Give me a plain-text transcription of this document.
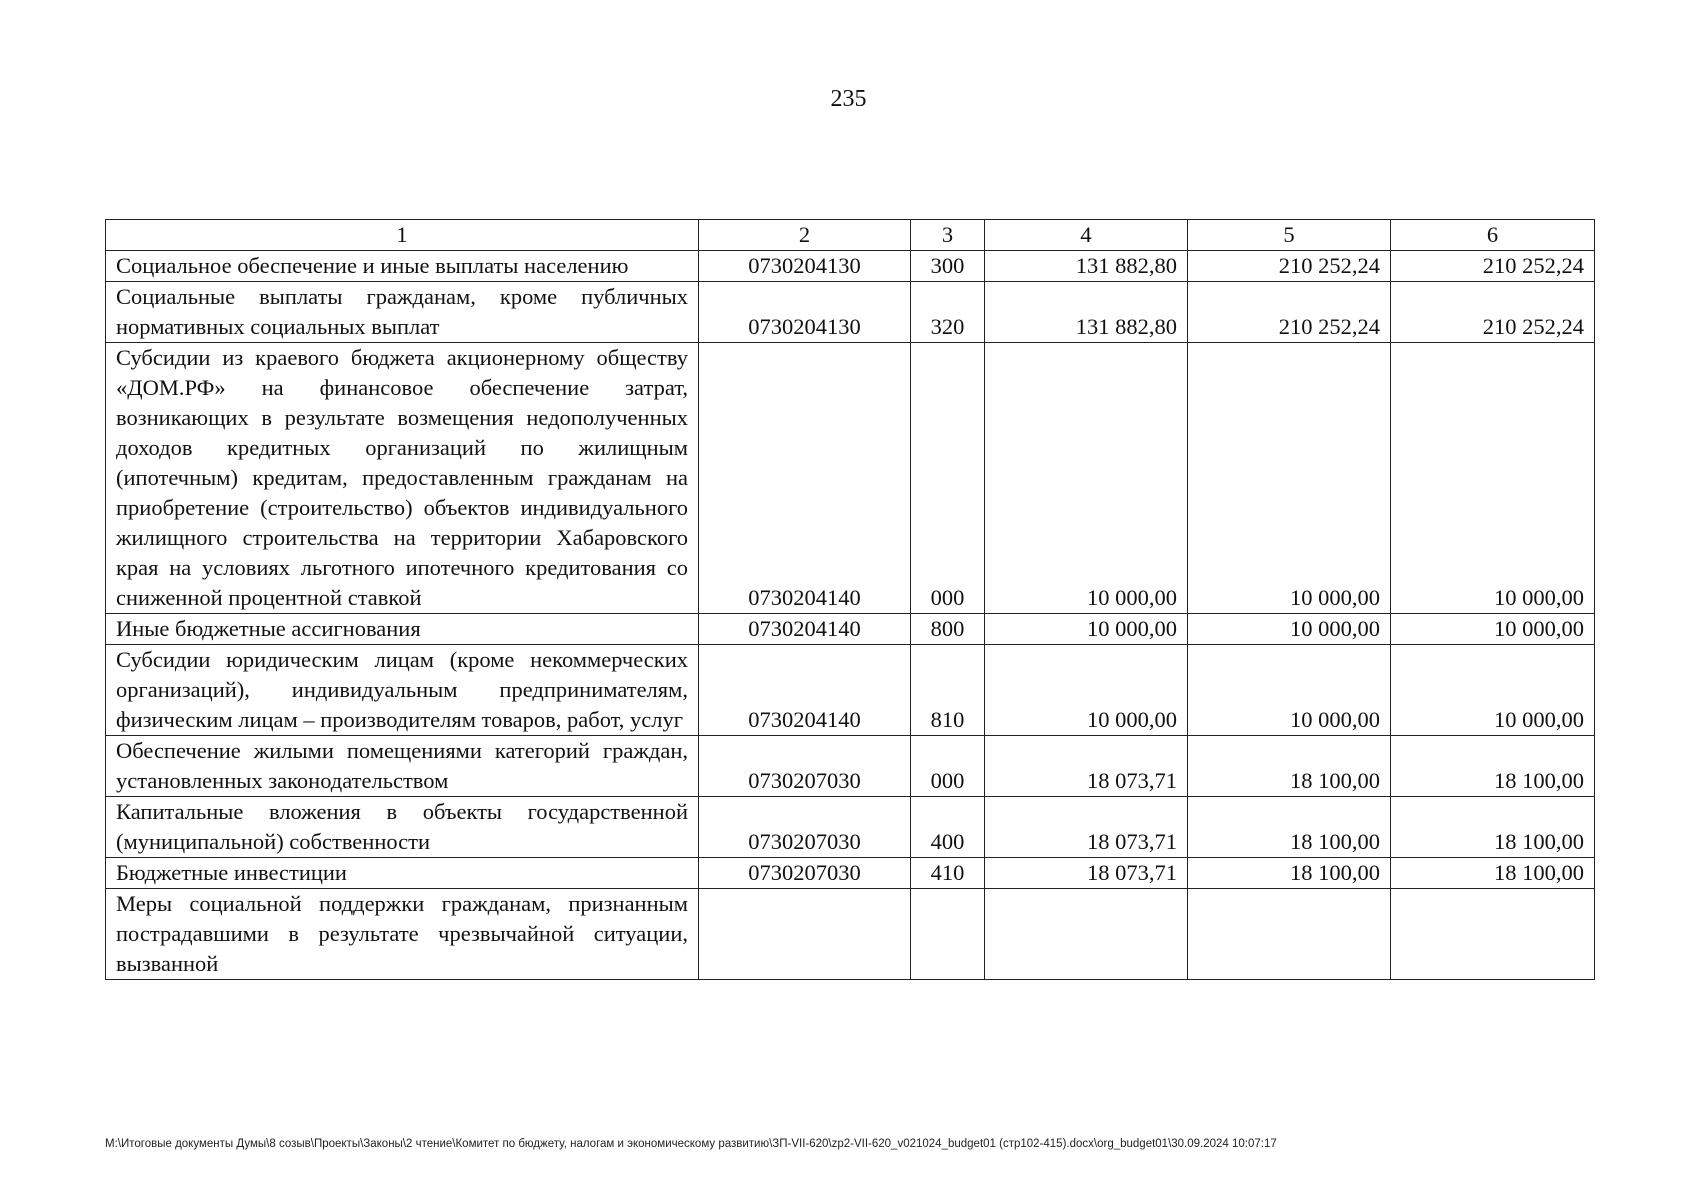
235
1	2	3	4	5	6
Социальное обеспечение и иные выплаты населению	0730204130	300	131 882,80	210 252,24	210 252,24
Социальные выплаты гражданам, кроме публичных нормативных социальных выплат	0730204130	320	131 882,80	210 252,24	210 252,24
Субсидии из краевого бюджета акционерному обществу «ДОМ.РФ» на финансовое обеспечение затрат, возникающих в результате возмещения недополученных доходов кредитных организаций по жилищным (ипотечным) кредитам, предоставленным гражданам на приобретение (строительство) объектов индивидуального жилищного строительства на территории Хабаровского края на условиях льготного ипотечного кредитования со сниженной процентной ставкой	0730204140	000	10 000,00	10 000,00	10 000,00
Иные бюджетные ассигнования	0730204140	800	10 000,00	10 000,00	10 000,00
Субсидии юридическим лицам (кроме некоммерческих организаций), индивидуальным предпринимателям, физическим лицам – производителям товаров, работ, услуг	0730204140	810	10 000,00	10 000,00	10 000,00
Обеспечение жилыми помещениями категорий граждан, установленных законодательством	0730207030	000	18 073,71	18 100,00	18 100,00
Капитальные вложения в объекты государственной (муниципальной) собственности	0730207030	400	18 073,71	18 100,00	18 100,00
Бюджетные инвестиции	0730207030	410	18 073,71	18 100,00	18 100,00
Меры социальной поддержки гражданам, признанным пострадавшими в результате чрезвычайной ситуации, вызванной					
M:\Итоговые документы Думы\8 созыв\Проекты\Законы\2 чтение\Комитет по бюджету, налогам и экономическому развитию\ЗП-VII-620\zp2-VII-620_v021024_budget01 (стр102-415).docx\org_budget01\30.09.2024 10:07:17
